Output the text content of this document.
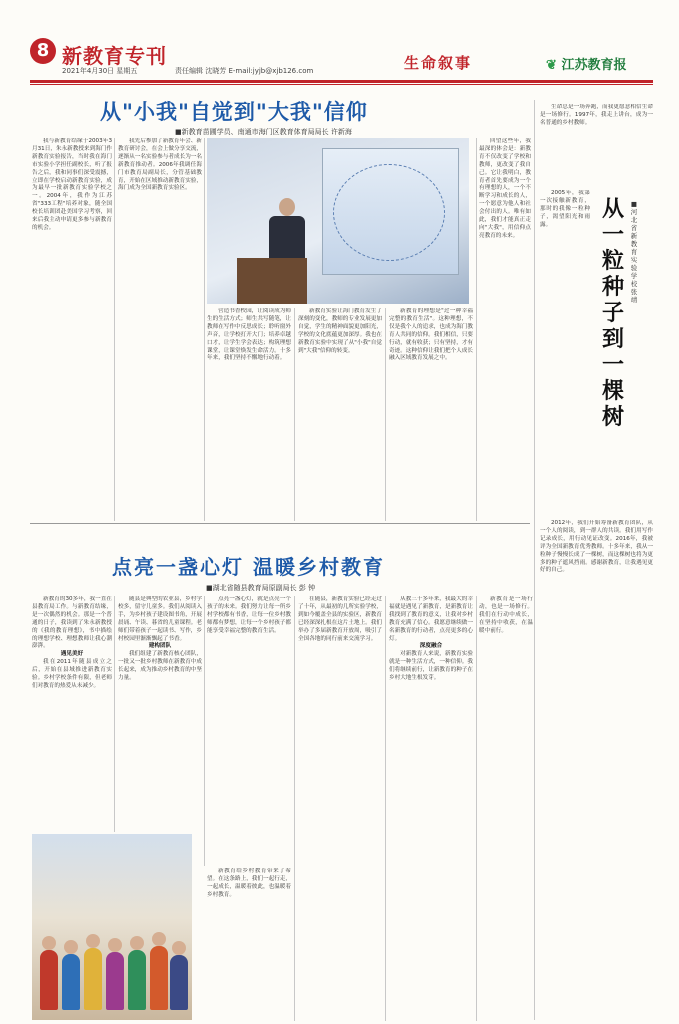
8 新教育专刊
2021年4月30日 星期五	责任编辑 沈晓芳 E-mail:jyjb@xjb126.com	生命叙事	❦ 江苏教育报
从"小我"自觉到"大我"信仰
■新教育苗圃学员、南通市海门区教育体育局局长 许新海
我与新教育结缘于2003年3月31日，朱永新教授来到海门作新教育实验报告，当时我在海门市实验小学担任副校长，听了报告之后，我和同事们深受震撼，立即在学校启动新教育实验，成为最早一批新教育实验学校之一。2004年，我作为江苏省"333工程"培养对象，随全国校长培训团赴美国学习考察，回来后我主动申请更多参与新教育的机会。
我先后参加了新教育年会、新教育研讨会，在会上做分享交流，逐渐从一名实验参与者成长为一名新教育推动者。2006年我调任海门市教育局副局长，分管基础教育，开始在区域推动新教育实验，海门成为全国新教育实验区。
营造书香校园，让阅读成为师生的生活方式；师生共写随笔，让教师在写作中反思成长；聆听窗外声音，让学校打开大门；培养卓越口才，让学生学会表达；构筑理想课堂，让课堂焕发生命活力。十多年来，我们坚持不懈地行动着。
新教育实验让海门教育发生了深刻的变化，教师的专业发展更加自觉，学生的精神面貌更加阳光，学校的文化底蕴更加深厚。我也在新教育实验中实现了从"小我"自觉到"大我"信仰的转变。
新教育的理想是"过一种幸福完整的教育生活"。这种理想，不仅是我个人的追求，也成为海门教育人共同的信仰。我们相信，只要行动，就有收获；只有坚持，才有奇迹。这种信仰让我们把个人成长融入区域教育发展之中。
回望这些年，我最深的体会是：新教育不仅改变了学校和教师，更改变了我自己。它让我明白，教育者首先要成为一个有理想的人，一个不断学习和成长的人，一个愿意为他人和社会付出的人。唯有如此，我们才能真正走向"大我"，用信仰点亮教育的未来。
生命总是一场奔跑，而我更愿意相信生命是一场修行。1997年，我走上讲台，成为一名普通的乡村教师。
2005年，我第一次接触新教育，那时的我像一粒种子，渴望阳光和雨露。
从一粒种子到一棵树
■河北省新教育实验学校 张 靖
2012年，我们开始筹备新教育团队，从一个人的阅读，到一群人的共读。我们用写作记录成长，用行动见证改变。2016年，我被评为全国新教育优秀教师。十多年来，我从一粒种子慢慢长成了一棵树，而这棵树也将为更多的种子遮风挡雨。感谢新教育，让我遇见更好的自己。
点亮一盏心灯 温暖乡村教育
■湖北省随县教育局原副局长 彭 钟
新教育的30多年，我一直在县教育局工作。与新教育结缘，是一次偶然的机会。那是一个普通的日子，我读到了朱永新教授的《我的教育理想》，书中描绘的理想学校、理想教师让我心潮澎湃。
遇见美好
我在2011年随县成立之后，开始在县域推进新教育实验。乡村学校条件有限，但老师们对教育的热爱从未减少。
随县是典型的农业县，乡村学校多，留守儿童多。我们从阅读入手，为乡村孩子建设图书角，开展晨诵、午读、暮省的儿童课程。老师们带着孩子一起读书、写作，乡村校园里渐渐飘起了书香。
建构团队
我们组建了新教育核心团队，一批又一批乡村教师在新教育中成长起来，成为推动乡村教育的中坚力量。
点亮一盏心灯，就是点亮一个孩子的未来。我们努力让每一所乡村学校都有书香，让每一位乡村教师都有梦想，让每一个乡村孩子都能享受幸福完整的教育生活。
新教育给乡村教育带来了希望。在这条路上，我们一起行走，一起成长，温暖着彼此，也温暖着乡村教育。
在随县，新教育实验已经走过了十年，从最初的几所实验学校，到如今覆盖全县的实验区，新教育已经深深扎根在这片土地上。我们举办了多届新教育开放周，吸引了全国各地的同行前来交流学习。
从教三十多年来，我最大的幸福就是遇见了新教育，是新教育让我找到了教育的意义，让我对乡村教育充满了信心。我愿意继续做一名新教育的行动者，点亮更多的心灯。
深度融合
对新教育人来说，新教育实验就是一种生活方式，一种信仰。我们将继续前行，让新教育的种子在乡村大地生根发芽。
新教育是一场行动，也是一场修行。我们在行动中成长，在坚持中收获，在温暖中前行。
